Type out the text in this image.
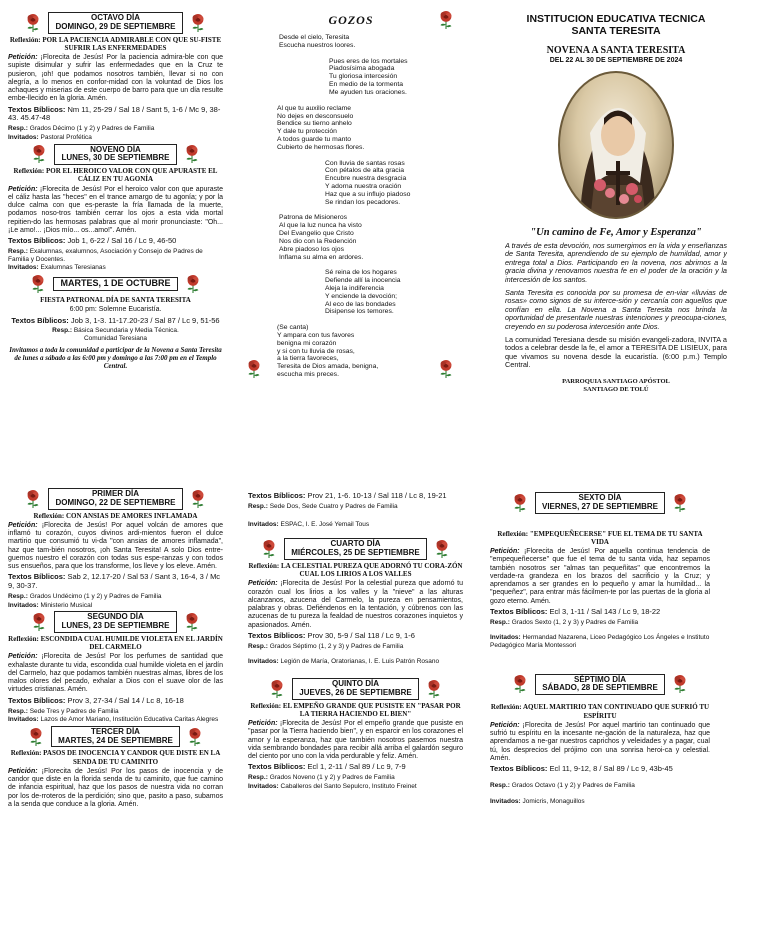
OCTAVO DÍA
DOMINGO, 29 DE SEPTIEMBRE
Reflexión: POR LA PACIENCIA ADMIRABLE CON QUE SU-FISTE SUFRIR LAS ENFERMEDADES
Petición: ¡Florecita de Jesús! Por la paciencia admira-ble con que supiste disimular y sufrir las enfermedades que en la Cruz te pusieron, ¡oh! que podamos nosotros también, llevar si no con alegría, a lo menos en confor-midad con la voluntad de Dios los achaques y miserias de este cuerpo de barro para que un día resulte embe-llecido en la gloria. Amén.
Textos Bíblicos: Nm 11, 25-29 / Sal 18 / Sant 5, 1-6 / Mc 9, 38-43. 45.47-48
Resp.: Grados Décimo (1 y 2) y Padres de Familia
Invitados: Pastoral Profética
NOVENO DÍA
LUNES, 30 DE SEPTIEMBRE
Reflexión: POR EL HEROICO VALOR CON QUE APURASTE EL CÁLIZ EN TU AGONÍA
Petición: ¡Florecita de Jesús! Por el heroico valor con que apuraste el cáliz hasta las "heces" en el trance amargo de tu agonía; y por la dulce calma con que es-peraste la fría llamada de la muerte, podamos noso-tros también cerrar los ojos a esta vida mortal repitien-do las hermosas palabras que al morir pronunciaste: "Oh... ¡Le amo!... ¡Dios mío... os...amo!". Amén.
Textos Bíblicos: Job 1, 6-22 / Sal 16 / Lc 9, 46-50
Resp.: Exalumnas, exalumnos, Asociación y Consejo de Padres de Familia y Docentes.
Invitados: Exalumnas Teresianas
MARTES, 1 DE OCTUBRE
FIESTA PATRONAL DÍA DE SANTA TERESITA
6:00 pm: Solemne Eucaristía.
Textos Bíblicos: Job 3, 1-3. 11-17.20-23 / Sal 87 / Lc 9, 51-56
Resp.: Básica Secundaria y Media Técnica.
Comunidad Teresiana
Invitamos a toda la comunidad a participar de la Novena a Santa Teresita de lunes a sábado a las 6:00 pm y domingo a las 7:00 pm en el Templo Central.
GOZOS
Desde el cielo, Teresita
Escucha nuestros loores.
Pues eres de los mortales
Piadosísima abogada
Tu gloriosa intercesión
En medio de la tormenta
Me ayuden tus oraciones.
Al que tu auxilio reclame
No dejes en desconsuelo
Bendice su tierno anhelo
Y dale tu protección
A todos guarde tu manto
Cubierto de hermosas flores.
Con lluvia de santas rosas
Con pétalos de alta gracia
Encubre nuestra desgracia
Y adorna nuestra oración
Haz que a su influjo piadoso
Se rindan los pecadores.
Patrona de Misioneros
Al que la luz nunca ha visto
Del Evangelio que Cristo
Nos dio con la Redención
Abre piadoso los ojos
Inflama su alma en ardores.
Sé reina de los hogares
Defiende allí la inocencia
Aleja la indiferencia
Y enciende la devoción;
Al eco de las bondades
Disipense los temores.
(Se canta)
Y ampara con tus favores
benigna mi corazón
y si con tu lluvia de rosas,
a la tierra favoreces,
Teresita de Dios amada, benigna,
escucha mis preces.
INSTITUCIÓN EDUCATIVA TÉCNICA SANTA TERESITA
NOVENA A SANTA TERESITA
DEL 22 AL 30 DE SEPTIEMBRE DE 2024
"Un camino de Fe, Amor y Esperanza"
A través de esta devoción, nos sumergimos en la vida y enseñanzas de Santa Teresita, aprendiendo de su ejemplo de humildad, amor y entrega total a Dios. Participando en la novena, nos abrimos a la gracia divina y renovamos nuestra fe en el poder de la oración y la intercesión de los santos.
Santa Teresita es conocida por su promesa de en-viar «lluvias de rosas» como signos de su interce-sión y cercanía con aquellos que confían en ella. La Novena a Santa Teresita nos brinda la oportunidad de presentarle nuestras intenciones y preocupa-ciones, creyendo en su poderosa intercesión ante Dios.
La comunidad Teresiana desde su misión evangeli-zadora, INVITA a todos a celebrar desde la fe, el amor a TERESITA DE LISIEUX, para que vivamos su novena desde la eucaristía. (6:00 p.m.) Templo Central.
PARROQUIA SANTIAGO APÓSTOL
SANTIAGO DE TOLÚ
PRIMER DÍA
DOMINGO, 22 DE SEPTIEMBRE
Reflexión: CON ANSIAS DE AMORES INFLAMADA
Petición: ¡Florecita de Jesús! Por aquel volcán de amores que inflamó tu corazón, cuyos divinos ardi-mientos fueron el dulce martirio que consumió tu vi-da "con ansias de amores inflamada", haz que tam-bién nosotros, ¡oh Santa Teresita! A solo Dios entre-guemos nuestro el corazón con todas sus espe-ranzas y con todos sus ensueños, para que los transforme, los lleve y los eleve. Amén.
Textos Bíblicos: Sab 2, 12.17-20 / Sal 53 / Sant 3, 16-4, 3 / Mc 9, 30-37.
Resp.: Grados Undécimo (1 y 2) y Padres de Familia
Invitados: Ministerio Musical
SEGUNDO DÍA
LUNES, 23 DE SEPTIEMBRE
Reflexión: ESCONDIDA CUAL HUMILDE VIOLETA EN EL JARDÍN DEL CARMELO
Petición: ¡Florecita de Jesús! Por los perfumes de santidad que exhalaste durante tu vida, escondida cual humilde violeta en el jardín del Carmelo, haz que podamos también nuestras almas, libres de los malos olores del pecado, exhalar a Dios con el suave olor de las virtudes cristianas. Amén.
Textos Bíblicos: Prov 3, 27-34 / Sal 14 / Lc 8, 16-18
Resp.: Sede Tres y Padres de Familia
Invitados: Lazos de Amor Mariano, Institución Educativa Caritas Alegres
TERCER DÍA
MARTES, 24 DE SEPTIEMBRE
Reflexión: PASOS DE INOCENCIA Y CANDOR QUE DISTE EN LA SENDA DE TU CAMINITO
Petición: ¡Florecita de Jesús! Por los pasos de inocencia y de candor que diste en la florida senda de tu caminito, que fue camino de infancia espiritual, haz que los pasos de nuestra vida no corran por los de-rroteros de la perdición; sino que, pasito a paso, subamos a la senda que conduce a la gloria. Amén.
Textos Bíblicos: Prov 21, 1-6. 10-13 / Sal 118 / Lc 8, 19-21
Resp.: Sede Dos, Sede Cuatro y Padres de Familia
Invitados: ESPAC, I. E. José Yemail Tous
CUARTO DÍA
MIÉRCOLES, 25 DE SEPTIEMBRE
Reflexión: LA CELESTIAL PUREZA QUE ADORNÓ TU CORA-ZÓN CUAL LOS LIRIOS A LOS VALLES
Petición: ¡Florecita de Jesús! Por la celestial pureza que adornó tu corazón cual los lirios a los valles y la "nieve" a las alturas alcanzanos, azucena del Carmelo, la pureza en pensamientos, palabras y obras. Defiéndenos en la tentación, y cúbrenos con las azucenas de tu pureza la fealdad de nuestros corazones inquietos y apasionados. Amén.
Textos Bíblicos: Prov 30, 5-9 / Sal 118 / Lc 9, 1-6
Resp.: Grados Séptimo (1, 2 y 3) y Padres de Familia
Invitados: Legión de María, Oratorianas, I. E. Luis Patrón Rosano
QUINTO DÍA
JUEVES, 26 DE SEPTIEMBRE
Reflexión: EL EMPEÑO GRANDE QUE PUSISTE EN "PASAR POR LA TIERRA HACIENDO EL BIEN"
Petición: ¡Florecita de Jesús! Por el empeño grande que pusiste en "pasar por la Tierra haciendo bien", y en esparcir en los corazones el amor y la esperanza, haz que también nosotros pasemos nuestra vida sembrando bondades para recibir allá arriba el galardón seguro del ciento por uno con la vida perdurable y feliz. Amén.
Textos Bíblicos: Ecl 1, 2-11 / Sal 89 / Lc 9, 7-9
Resp.: Grados Noveno (1 y 2) y Padres de Familia
Invitados: Caballeros del Santo Sepulcro, Instituto Freinet
SEXTO DÍA
VIERNES, 27 DE SEPTIEMBRE
Reflexión: "EMPEQUEÑECERSE" FUE EL TEMA DE TU SANTA VIDA
Petición: ¡Florecita de Jesús! Por aquella continua tendencia de "empequeñecerse" que fue el tema de tu santa vida, haz sepamos también nosotros ser "almas tan pequeñitas" que encontremos la verdade-ra grandeza en los brazos del sacrificio y la Cruz; y aprendamos a ser grandes en lo pequeño y amar la humildad... la "pequeñez", para entrar más fácilmen-te por las puertas de la gloria al gozo eterno. Amén.
Textos Bíblicos: Ecl 3, 1-11 / Sal 143 / Lc 9, 18-22
Resp.: Grados Sexto (1, 2 y 3) y Padres de Familia
Invitados: Hermandad Nazarena, Liceo Pedagógico Los Ángeles e Instituto Pedagógico María Montessori
SÉPTIMO DÍA
SÁBADO, 28 DE SEPTIEMBRE
Reflexión: AQUEL MARTIRIO TAN CONTINUADO QUE SUFRIÓ TU ESPÍRITU
Petición: ¡Florecita de Jesús! Por aquel martirio tan continuado que sufrió tu espíritu en la incesante ne-gación de la naturaleza, haz que aprendamos a ne-gar nuestros caprichos y veleidades y a pagar, cual tú, los desprecios del prójimo con una sonrisa heroi-ca y celestial. Amén.
Textos Bíblicos: Ecl 11, 9-12, 8 / Sal 89 / Lc 9, 43b-45
Resp.: Grados Octavo (1 y 2) y Padres de Familia
Invitados: Jomicris, Monaguillos
